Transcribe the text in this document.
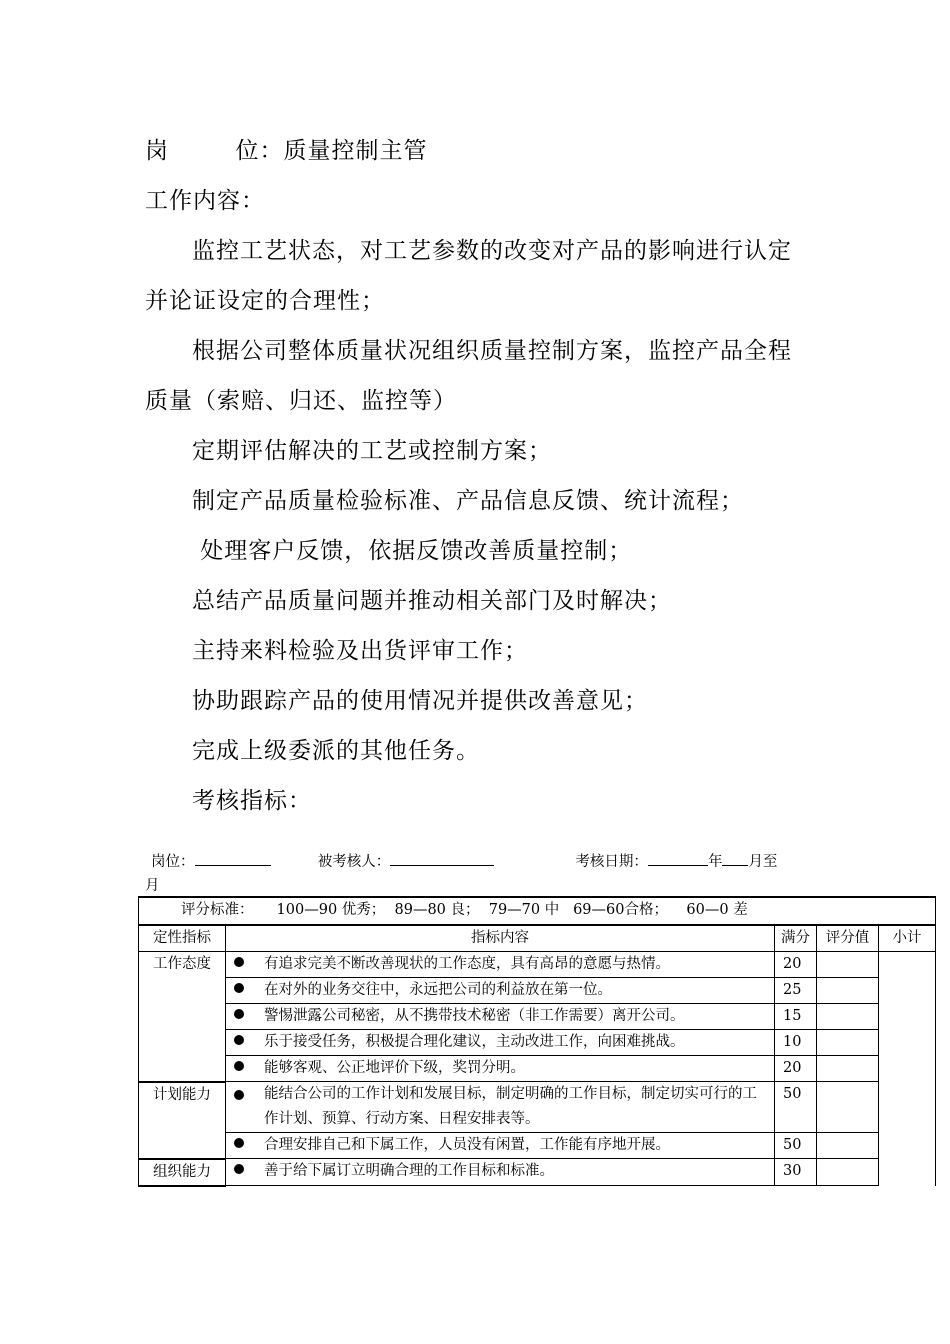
岗        位：质量控制主管
工作内容：
监控工艺状态，对工艺参数的改变对产品的影响进行认定
并论证设定的合理性；
根据公司整体质量状况组织质量控制方案，监控产品全程
质量（索赔、归还、监控等）
定期评估解决的工艺或控制方案；
制定产品质量检验标准、产品信息反馈、统计流程；
处理客户反馈，依据反馈改善质量控制；
总结产品质量问题并推动相关部门及时解决；
主持来料检验及出货评审工作；
协助跟踪产品的使用情况并提供改善意见；
完成上级委派的其他任务。
考核指标：
岗位：	被考核人：	考核日期：	年 月至
月
评分标准：     100—90 优秀；  89—80 良；  79—70 中   69—60合格；    60—0 差				
定性指标	指标内容	满分	评分值	小计
工作态度	有追求完美不断改善现状的工作态度，具有高昂的意愿与热情。	20		
	在对外的业务交往中，永远把公司的利益放在第一位。	25		
	警惕泄露公司秘密，从不携带技术秘密（非工作需要）离开公司。	15		
	乐于接受任务，积极提合理化建议，主动改进工作，向困难挑战。	10		
	能够客观、公正地评价下级，奖罚分明。	20		
计划能力	能结合公司的工作计划和发展目标，制定明确的工作目标，制定切实可行的工作计划、预算、行动方案、日程安排表等。	50		
	合理安排自己和下属工作，人员没有闲置，工作能有序地开展。	50		
组织能力	善于给下属订立明确合理的工作目标和标准。	30		
